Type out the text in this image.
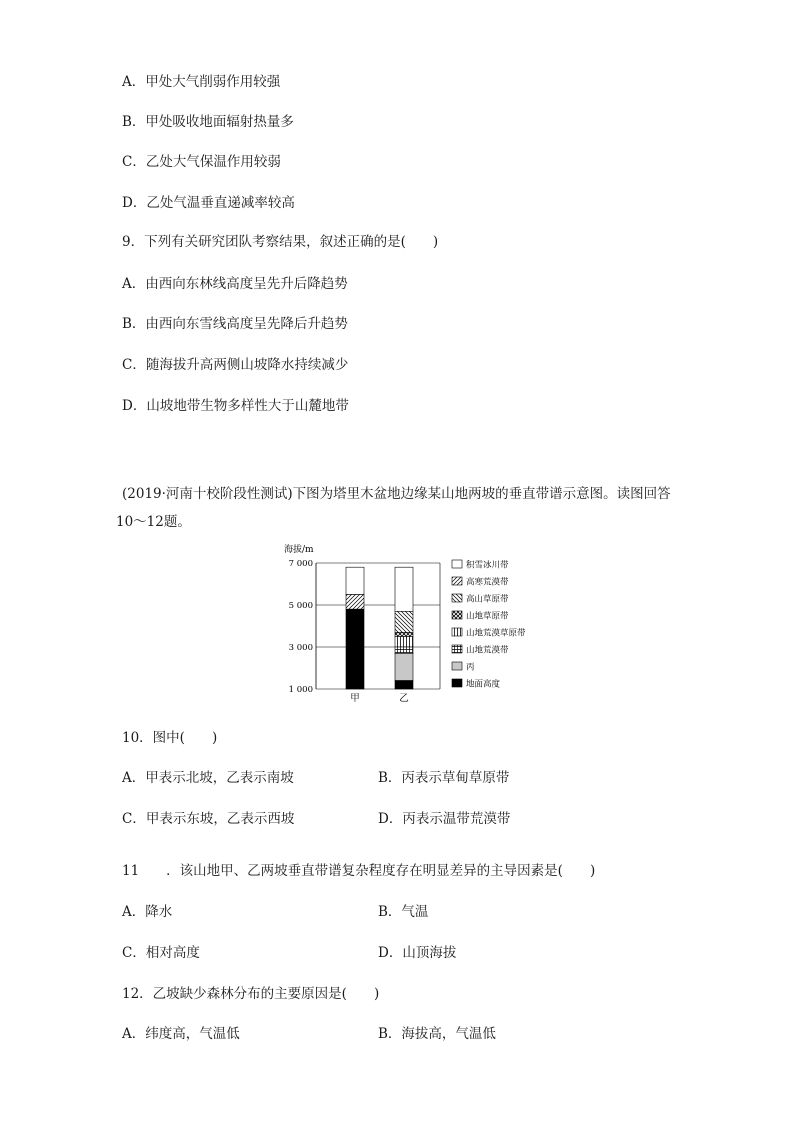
A．甲处大气削弱作用较强
B．甲处吸收地面辐射热量多
C．乙处大气保温作用较弱
D．乙处气温垂直递减率较高
9．下列有关研究团队考察结果，叙述正确的是(　　)
A．由西向东林线高度呈先升后降趋势
B．由西向东雪线高度呈先降后升趋势
C．随海拔升高两侧山坡降水持续减少
D．山坡地带生物多样性大于山麓地带
(2019·河南十校阶段性测试)下图为塔里木盆地边缘某山地两坡的垂直带谱示意图。读图回答
10～12题。
海拔/m
1 000
3 000
5 000
7 000
甲	乙
积雪冰川带
高寒荒漠带
高山草原带
山地草原带
山地荒漠草原带
山地荒漠带
丙
地面高度
10．图中(　　)
A．甲表示北坡，乙表示南坡	B．丙表示草甸草原带
C．甲表示东坡，乙表示西坡	D．丙表示温带荒漠带
11　　．该山地甲、乙两坡垂直带谱复杂程度存在明显差异的主导因素是(　　)
A．降水	B．气温
C．相对高度	D．山顶海拔
12．乙坡缺少森林分布的主要原因是(　　)
A．纬度高，气温低	B．海拔高，气温低
